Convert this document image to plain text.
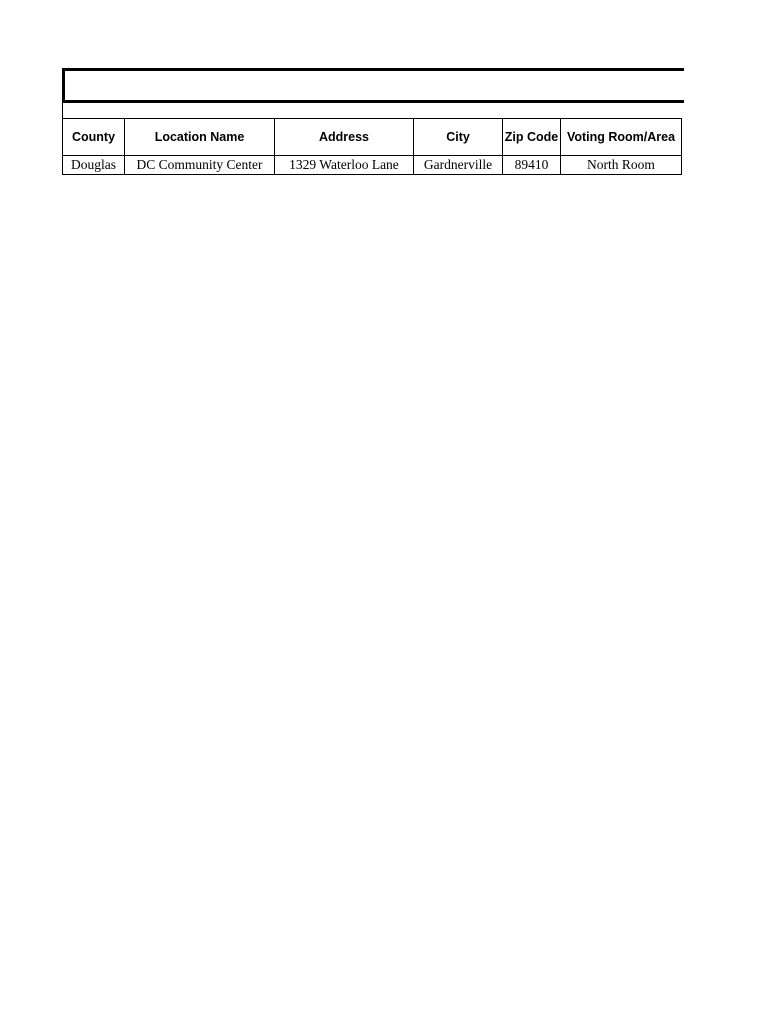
County	Location Name	Address	City	Zip Code	Voting Room/Area
Douglas	DC Community Center	1329 Waterloo Lane	Gardnerville	89410	North Room
